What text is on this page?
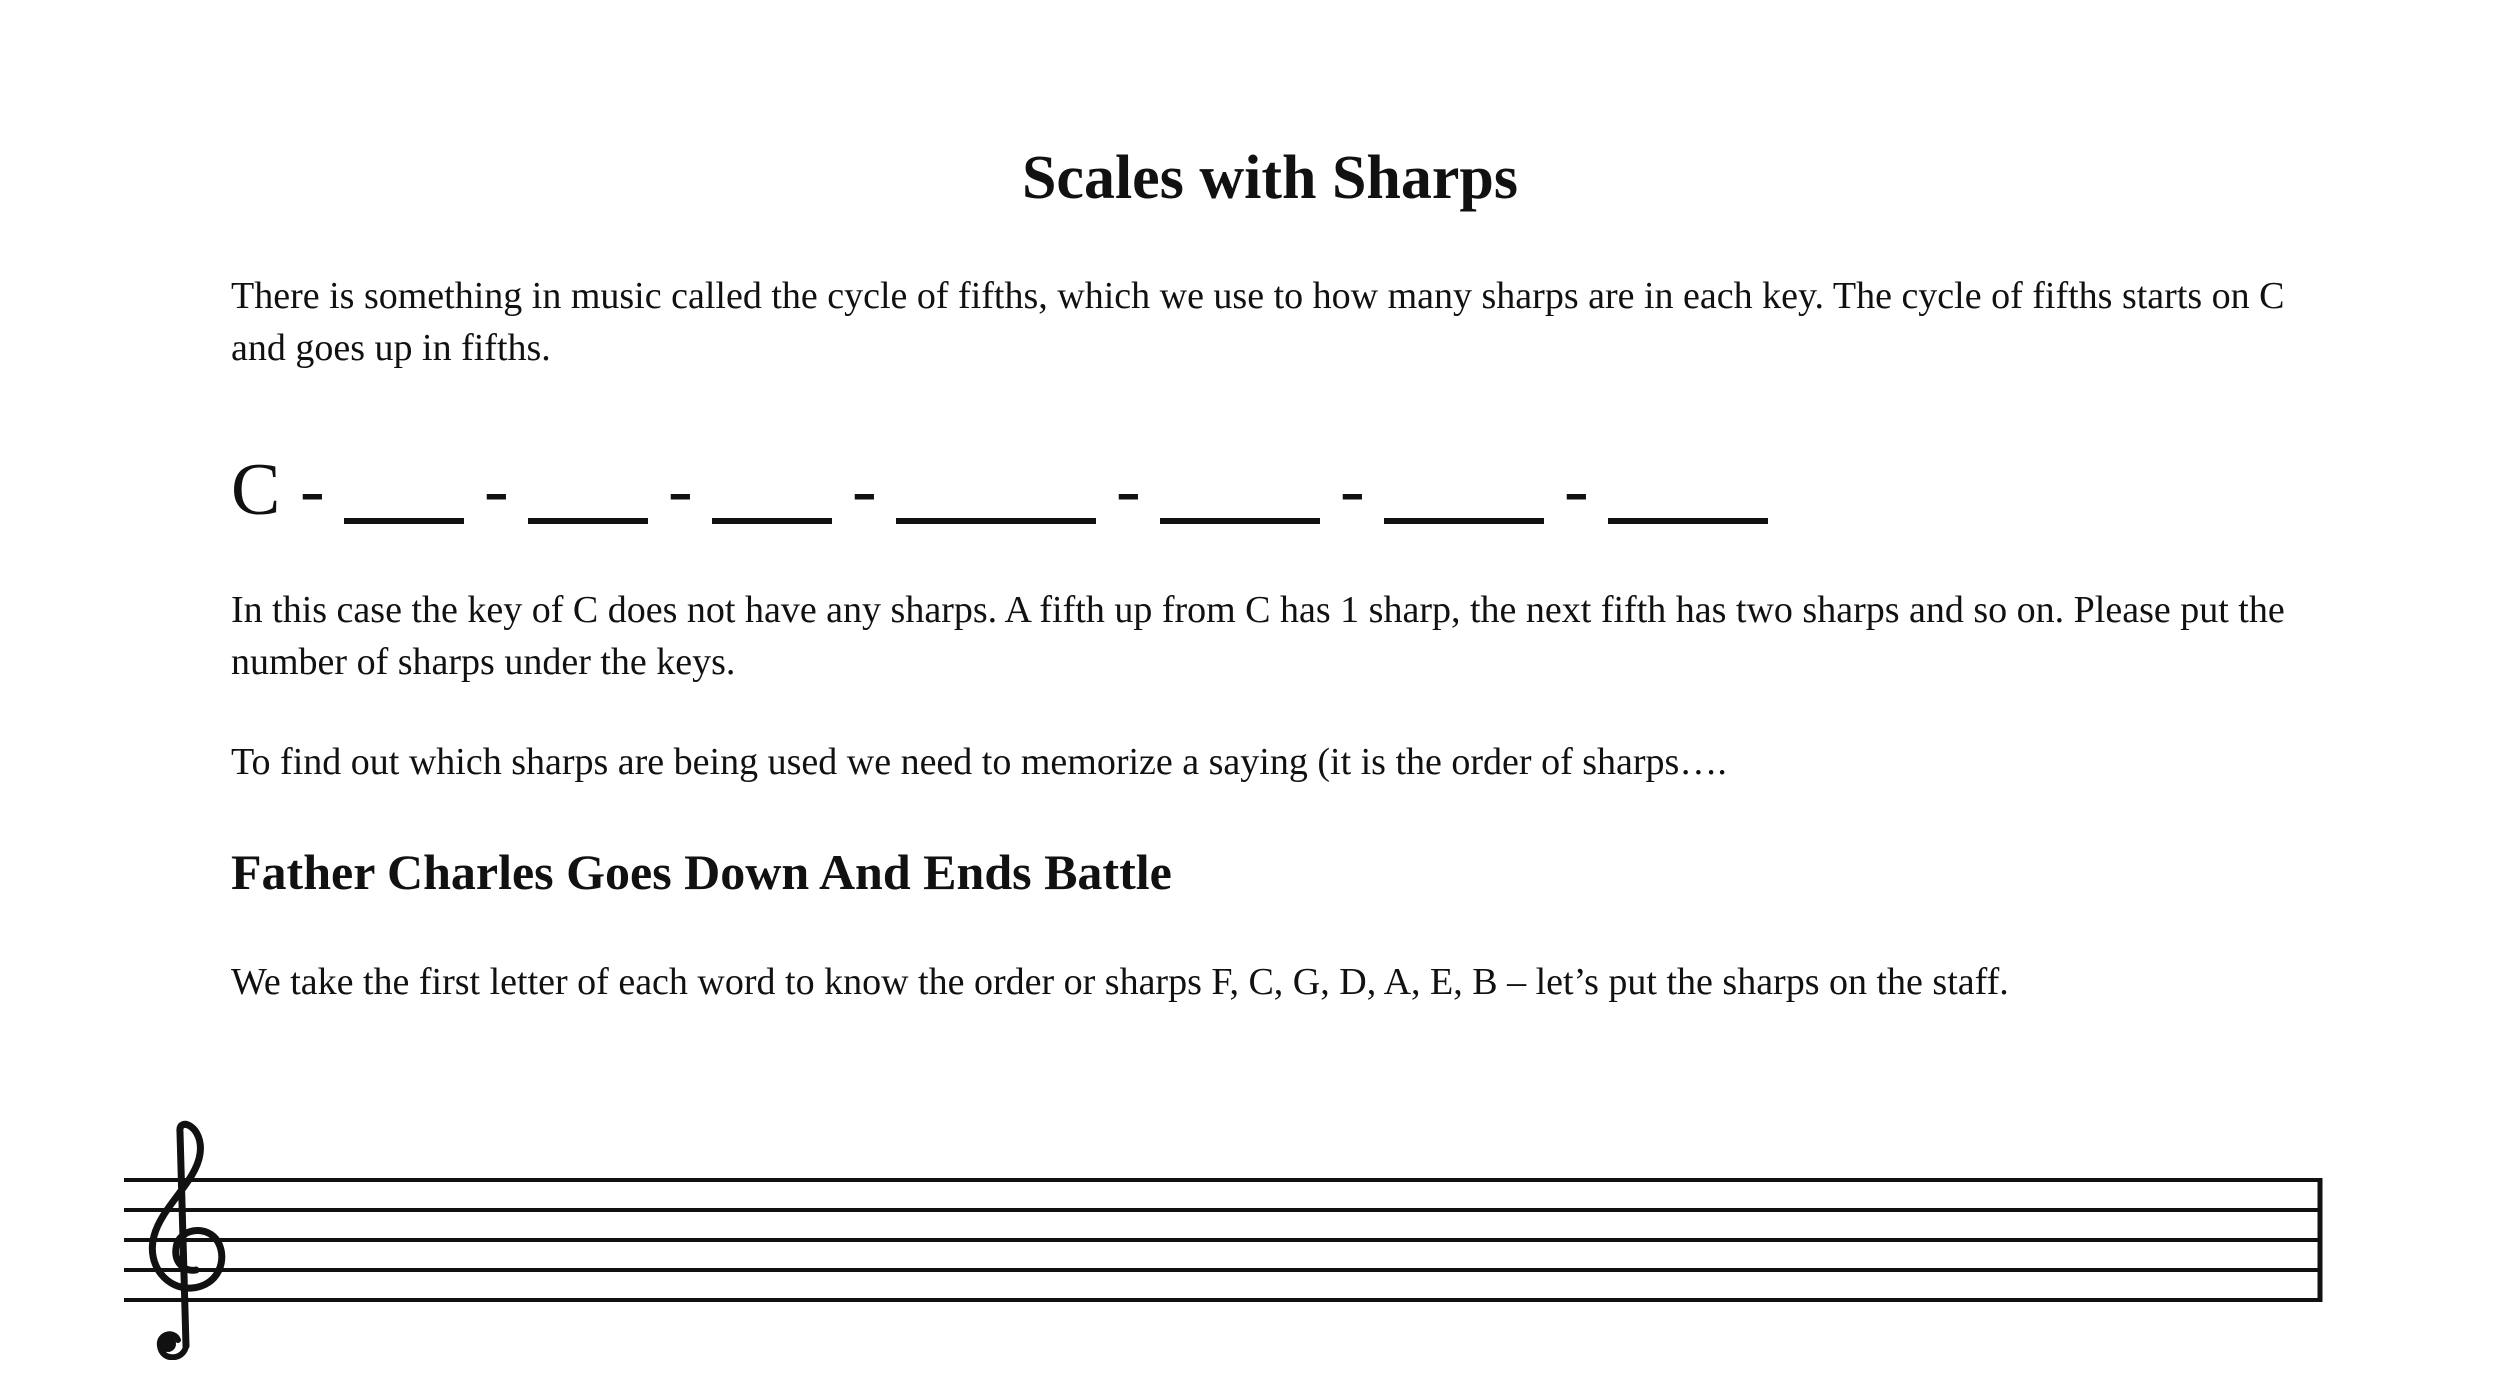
Scales with Sharps

There is something in music called the cycle of fifths, which we use to how many sharps are in each key. The cycle of fifths starts on C and goes up in fifths.

C - - - -	-	-	-

In this case the key of C does not have any sharps. A fifth up from C has 1 sharp, the next fifth has two sharps and so on. Please put the number of sharps under the keys.

To find out which sharps are being used we need to memorize a saying (it is the order of sharps….

Father Charles Goes Down And Ends Battle

We take the first letter of each word to know the order or sharps F, C, G, D, A, E, B – let’s put the sharps on the staff.
